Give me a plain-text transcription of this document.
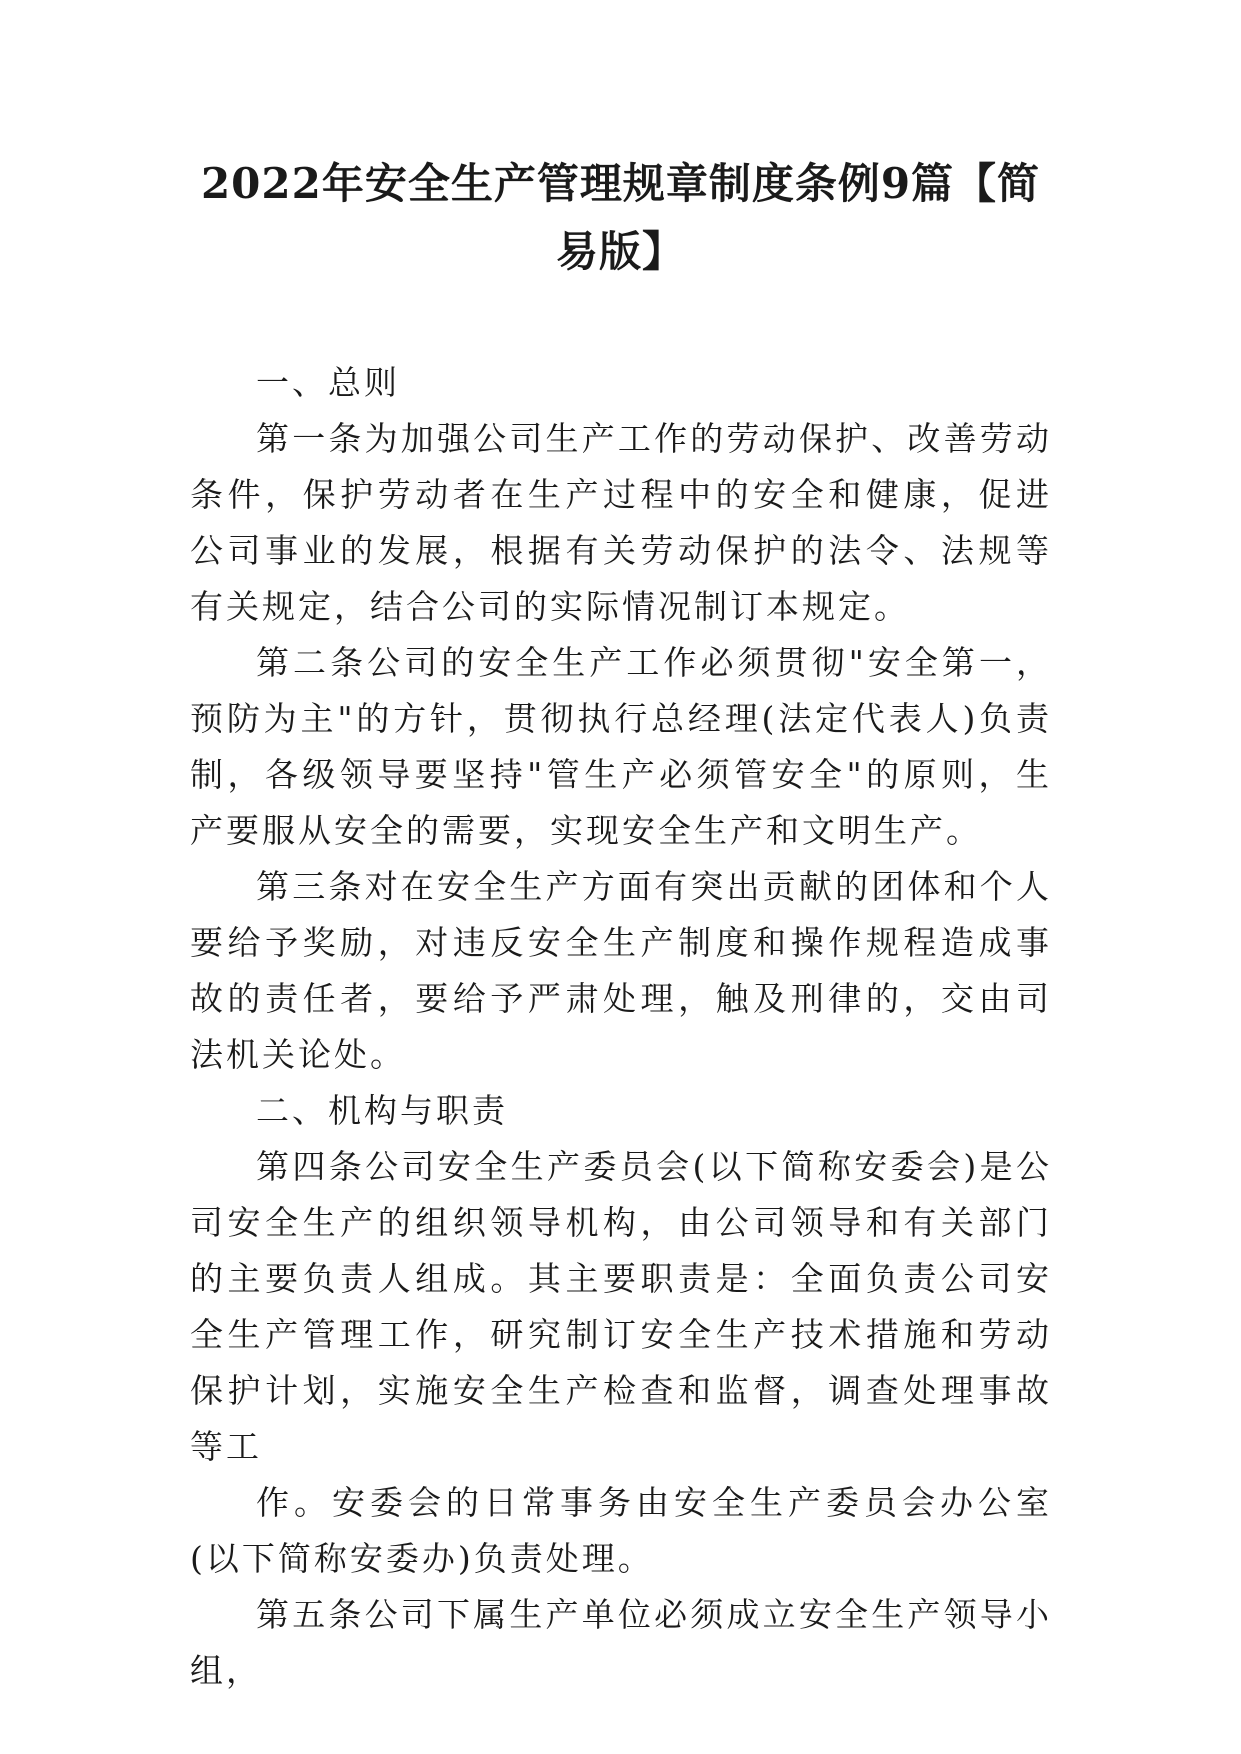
2022年安全生产管理规章制度条例9篇【简易版】

一、总则

第一条为加强公司生产工作的劳动保护、改善劳动条件，保护劳动者在生产过程中的安全和健康，促进公司事业的发展，根据有关劳动保护的法令、法规等有关规定，结合公司的实际情况制订本规定。

第二条公司的安全生产工作必须贯彻"安全第一，预防为主"的方针，贯彻执行总经理(法定代表人)负责制，各级领导要坚持"管生产必须管安全"的原则，生产要服从安全的需要，实现安全生产和文明生产。

第三条对在安全生产方面有突出贡献的团体和个人要给予奖励，对违反安全生产制度和操作规程造成事故的责任者，要给予严肃处理，触及刑律的，交由司法机关论处。

二、机构与职责

第四条公司安全生产委员会(以下简称安委会)是公司安全生产的组织领导机构，由公司领导和有关部门的主要负责人组成。其主要职责是：全面负责公司安全生产管理工作，研究制订安全生产技术措施和劳动保护计划，实施安全生产检查和监督，调查处理事故等工

作。安委会的日常事务由安全生产委员会办公室(以下简称安委办)负责处理。

第五条公司下属生产单位必须成立安全生产领导小组，
